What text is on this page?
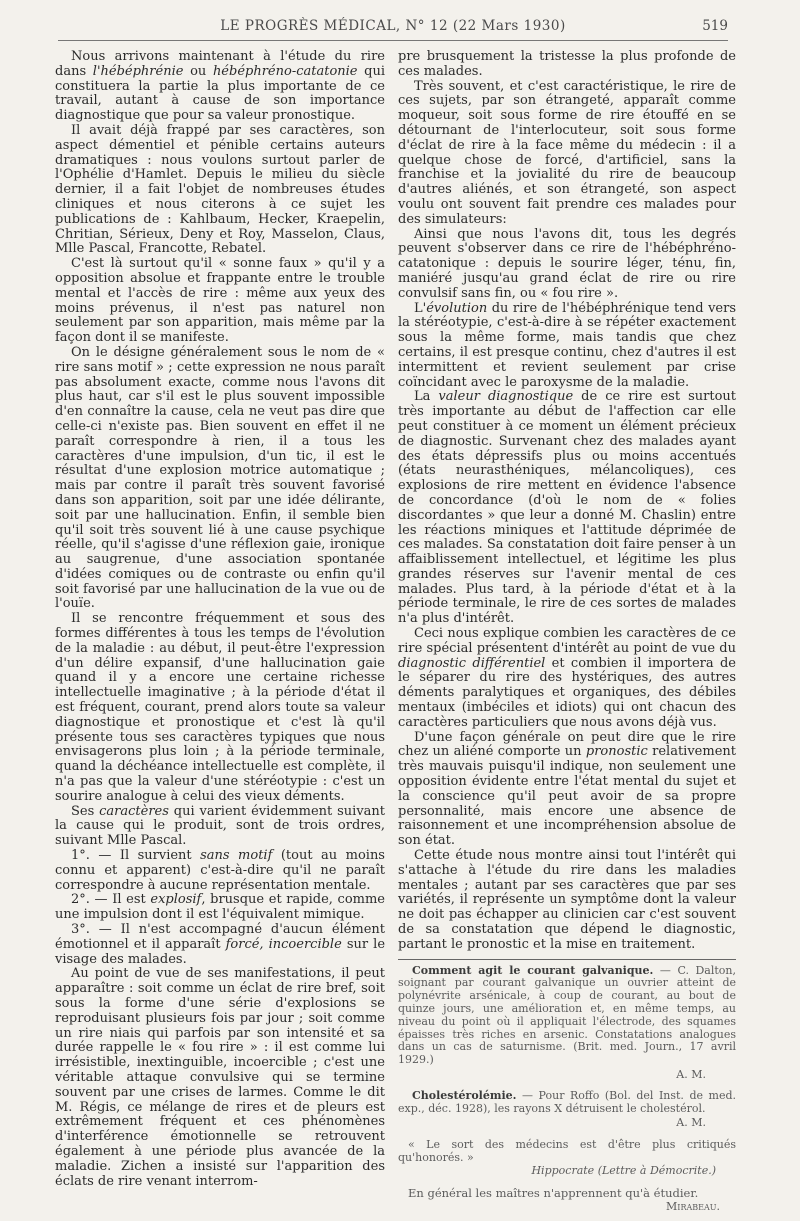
LE PROGRÈS MÉDICAL, N° 12 (22 Mars 1930)	519

Nous arrivons maintenant à l'étude du rire dans l'hébéphrénie ou hébéphréno-catatonie qui constituera la partie la plus importante de ce travail, autant à cause de son importance diagnostique que pour sa valeur pronostique.

Il avait déjà frappé par ses caractères, son aspect démentiel et pénible certains auteurs dramatiques : nous voulons surtout parler de l'Ophélie d'Hamlet. Depuis le milieu du siècle dernier, il a fait l'objet de nombreuses études cliniques et nous citerons à ce sujet les publications de : Kahlbaum, Hecker, Kraepelin, Chritian, Sérieux, Deny et Roy, Masselon, Claus, Mlle Pascal, Francotte, Rebatel.

C'est là surtout qu'il « sonne faux » qu'il y a opposition absolue et frappante entre le trouble mental et l'accès de rire : même aux yeux des moins prévenus, il n'est pas naturel non seulement par son apparition, mais même par la façon dont il se manifeste.

On le désigne généralement sous le nom de « rire sans motif » ; cette expression ne nous paraît pas absolument exacte, comme nous l'avons dit plus haut, car s'il est le plus souvent impossible d'en connaître la cause, cela ne veut pas dire que celle-ci n'existe pas. Bien souvent en effet il ne paraît correspondre à rien, il a tous les caractères d'une impulsion, d'un tic, il est le résultat d'une explosion motrice automatique ; mais par contre il paraît très souvent favorisé dans son apparition, soit par une idée délirante, soit par une hallucination. Enfin, il semble bien qu'il soit très souvent lié à une cause psychique réelle, qu'il s'agisse d'une réflexion gaie, ironique au saugrenue, d'une association spontanée d'idées comiques ou de contraste ou enfin qu'il soit favorisé par une hallucination de la vue ou de l'ouïe.

Il se rencontre fréquemment et sous des formes différentes à tous les temps de l'évolution de la maladie : au début, il peut-être l'expression d'un délire expansif, d'une hallucination gaie quand il y a encore une certaine richesse intellectuelle imaginative ; à la période d'état il est fréquent, courant, prend alors toute sa valeur diagnostique et pronostique et c'est là qu'il présente tous ses caractères typiques que nous envisagerons plus loin ; à la période terminale, quand la déchéance intellectuelle est complète, il n'a pas que la valeur d'une stéréotypie : c'est un sourire analogue à celui des vieux déments.

Ses caractères qui varient évidemment suivant la cause qui le produit, sont de trois ordres, suivant Mlle Pascal.

1°. — Il survient sans motif (tout au moins connu et apparent) c'est-à-dire qu'il ne paraît correspondre à aucune représentation mentale.

2°. — Il est explosif, brusque et rapide, comme une impulsion dont il est l'équivalent mimique.

3°. — Il n'est accompagné d'aucun élément émotionnel et il apparaît forcé, incoercible sur le visage des malades.

Au point de vue de ses manifestations, il peut apparaître : soit comme un éclat de rire bref, soit sous la forme d'une série d'explosions se reproduisant plusieurs fois par jour ; soit comme un rire niais qui parfois par son intensité et sa durée rappelle le « fou rire » : il est comme lui irrésistible, inextinguible, incoercible ; c'est une véritable attaque convulsive qui se termine souvent par une crises de larmes. Comme le dit M. Régis, ce mélange de rires et de pleurs est extrêmement fréquent et ces phénomènes d'interférence émotionnelle se retrouvent également à une période plus avancée de la maladie. Zichen a insisté sur l'apparition des éclats de rire venant interrom-

pre brusquement la tristesse la plus profonde de ces malades.

Très souvent, et c'est caractéristique, le rire de ces sujets, par son étrangeté, apparaît comme moqueur, soit sous forme de rire étouffé en se détournant de l'interlocuteur, soit sous forme d'éclat de rire à la face même du médecin : il a quelque chose de forcé, d'artificiel, sans la franchise et la jovialité du rire de beaucoup d'autres aliénés, et son étrangeté, son aspect voulu ont souvent fait prendre ces malades pour des simulateurs:

Ainsi que nous l'avons dit, tous les degrés peuvent s'observer dans ce rire de l'hébéphréno-catatonique : depuis le sourire léger, ténu, fin, maniéré jusqu'au grand éclat de rire ou rire convulsif sans fin, ou « fou rire ».

L'évolution du rire de l'hébéphrénique tend vers la stéréotypie, c'est-à-dire à se répéter exactement sous la même forme, mais tandis que chez certains, il est presque continu, chez d'autres il est intermittent et revient seulement par crise coïncidant avec le paroxysme de la maladie.

La valeur diagnostique de ce rire est surtout très importante au début de l'affection car elle peut constituer à ce moment un élément précieux de diagnostic. Survenant chez des malades ayant des états dépressifs plus ou moins accentués (états neurasthéniques, mélancoliques), ces explosions de rire mettent en évidence l'absence de concordance (d'où le nom de « folies discordantes » que leur a donné M. Chaslin) entre les réactions miniques et l'attitude déprimée de ces malades. Sa constatation doit faire penser à un affaiblissement intellectuel, et légitime les plus grandes réserves sur l'avenir mental de ces malades. Plus tard, à la période d'état et à la période terminale, le rire de ces sortes de malades n'a plus d'intérêt.

Ceci nous explique combien les caractères de ce rire spécial présentent d'intérêt au point de vue du diagnostic différentiel et combien il importera de le séparer du rire des hystériques, des autres déments paralytiques et organiques, des débiles mentaux (imbéciles et idiots) qui ont chacun des caractères particuliers que nous avons déjà vus.

D'une façon générale on peut dire que le rire chez un aliéné comporte un pronostic relativement très mauvais puisqu'il indique, non seulement une opposition évidente entre l'état mental du sujet et la conscience qu'il peut avoir de sa propre personnalité, mais encore une absence de raisonnement et une incompréhension absolue de son état.

Cette étude nous montre ainsi tout l'intérêt qui s'attache à l'étude du rire dans les maladies mentales ; autant par ses caractères que par ses variétés, il représente un symptôme dont la valeur ne doit pas échapper au clinicien car c'est souvent de sa constatation que dépend le diagnostic, partant le pronostic et la mise en traitement.

Comment agit le courant galvanique. — C. Dalton, soignant par courant galvanique un ouvrier atteint de polynévrite arsénicale, à coup de courant, au bout de quinze jours, une amélioration et, en même temps, au niveau du point où il appliquait l'électrode, des squames épaisses très riches en arsenic. Constatations analogues dans un cas de saturnisme. (Brit. med. Journ., 17 avril 1929.)

A. M.

Cholestérolémie. — Pour Roffo (Bol. del Inst. de med. exp., déc. 1928), les rayons X détruisent le cholestérol.

A. M.

« Le sort des médecins est d'être plus critiqués qu'honorés. »
Hippocrate (Lettre à Démocrite.)
En général les maîtres n'apprennent qu'à étudier.
Mirabeau.
